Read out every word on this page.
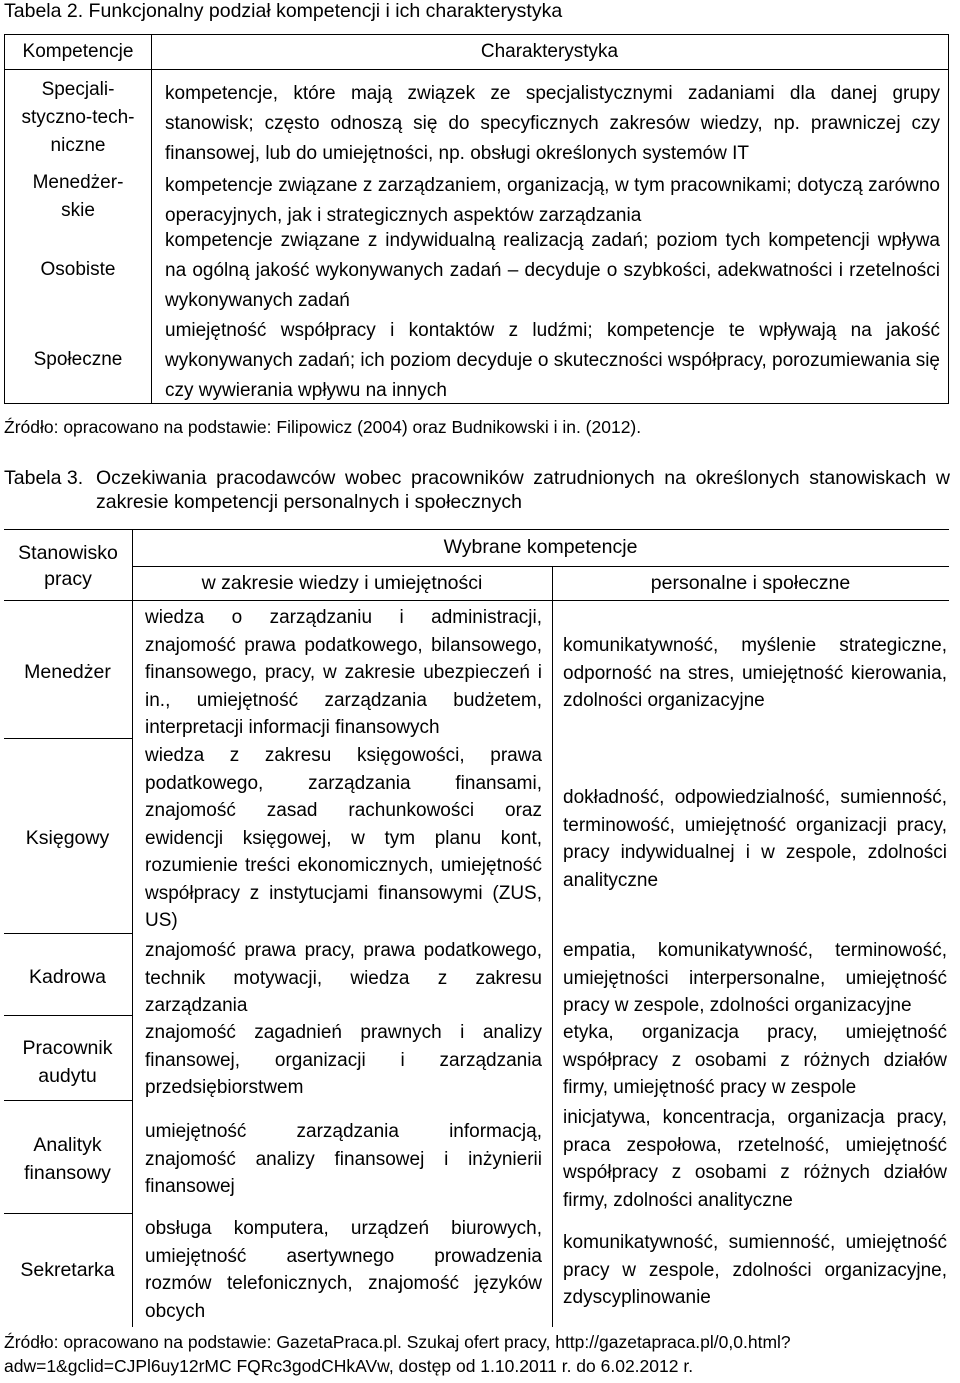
Tabela 2. Funkcjonalny podział kompetencji i ich charakterystyka
Kompetencje	Charakterystyka
Specjali-
styczno-tech-
niczne
kompetencje, które mają związek ze specjalistycznymi zadaniami dla danej grupy stanowisk; często odnoszą się do specyficznych zakresów wiedzy, np. prawniczej czy finansowej, lub do umiejętności, np. obsługi określonych systemów IT
Menedżer-
skie
kompetencje związane z zarządzaniem, organizacją, w tym pracownikami; dotyczą zarówno operacyjnych, jak i strategicznych aspektów zarządzania
Osobiste
kompetencje związane z indywidualną realizacją zadań; poziom tych kompetencji wpływa na ogólną jakość wykonywanych zadań – decyduje o szybkości, adekwatności i rzetelności wykonywanych zadań
Społeczne
umiejętność współpracy i kontaktów z ludźmi; kompetencje te wpływają na jakość wykonywanych zadań; ich poziom decyduje o skuteczności współpracy, porozumiewania się czy wywierania wpływu na innych
Źródło: opracowano na podstawie: Filipowicz (2004) oraz Budnikowski i in. (2012).
Tabela 3. Oczekiwania pracodawców wobec pracowników zatrudnionych na określonych stanowiskach w zakresie kompetencji personalnych i społecznych
Stanowisko
pracy
Wybrane kompetencje
w zakresie wiedzy i umiejętności	personalne i społeczne
Menedżer
wiedza o zarządzaniu i administracji, znajomość prawa podatkowego, bilansowego, finansowego, pracy, w zakresie ubezpieczeń i in., umiejętność zarządzania budżetem, interpretacji informacji finansowych
komunikatywność, myślenie strategiczne, odporność na stres, umiejętność kierowania, zdolności organizacyjne
Księgowy
wiedza z zakresu księgowości, prawa podatkowego, zarządzania finansami, znajomość zasad rachunkowości oraz ewidencji księgowej, w tym planu kont, rozumienie treści ekonomicznych, umiejętność współpracy z instytucjami finansowymi (ZUS, US)
dokładność, odpowiedzialność, sumienność, terminowość, umiejętność organizacji pracy, pracy indywidualnej i w zespole, zdolności analityczne
Kadrowa
znajomość prawa pracy, prawa podatkowego, technik motywacji, wiedza z zakresu zarządzania
empatia, komunikatywność, terminowość, umiejętności interpersonalne, umiejętność pracy w zespole, zdolności organizacyjne
Pracownik
audytu
znajomość zagadnień prawnych i analizy finansowej, organizacji i zarządzania przedsiębiorstwem
etyka, organizacja pracy, umiejętność współpracy z osobami z różnych działów firmy, umiejętność pracy w zespole
Analityk
finansowy
umiejętność zarządzania informacją, znajomość analizy finansowej i inżynierii finansowej
inicjatywa, koncentracja, organizacja pracy, praca zespołowa, rzetelność, umiejętność współpracy z osobami z różnych działów firmy, zdolności analityczne
Sekretarka
obsługa komputera, urządzeń biurowych, umiejętność asertywnego prowadzenia rozmów telefonicznych, znajomość języków obcych
komunikatywność, sumienność, umiejętność pracy w zespole, zdolności organizacyjne, zdyscyplinowanie
Źródło: opracowano na podstawie: GazetaPraca.pl. Szukaj ofert pracy, http://gazetapraca.pl/0,0.html?adw=1&gclid=CJPl6uy12rMC FQRc3godCHkAVw, dostęp od 1.10.2011 r. do 6.02.2012 r.
